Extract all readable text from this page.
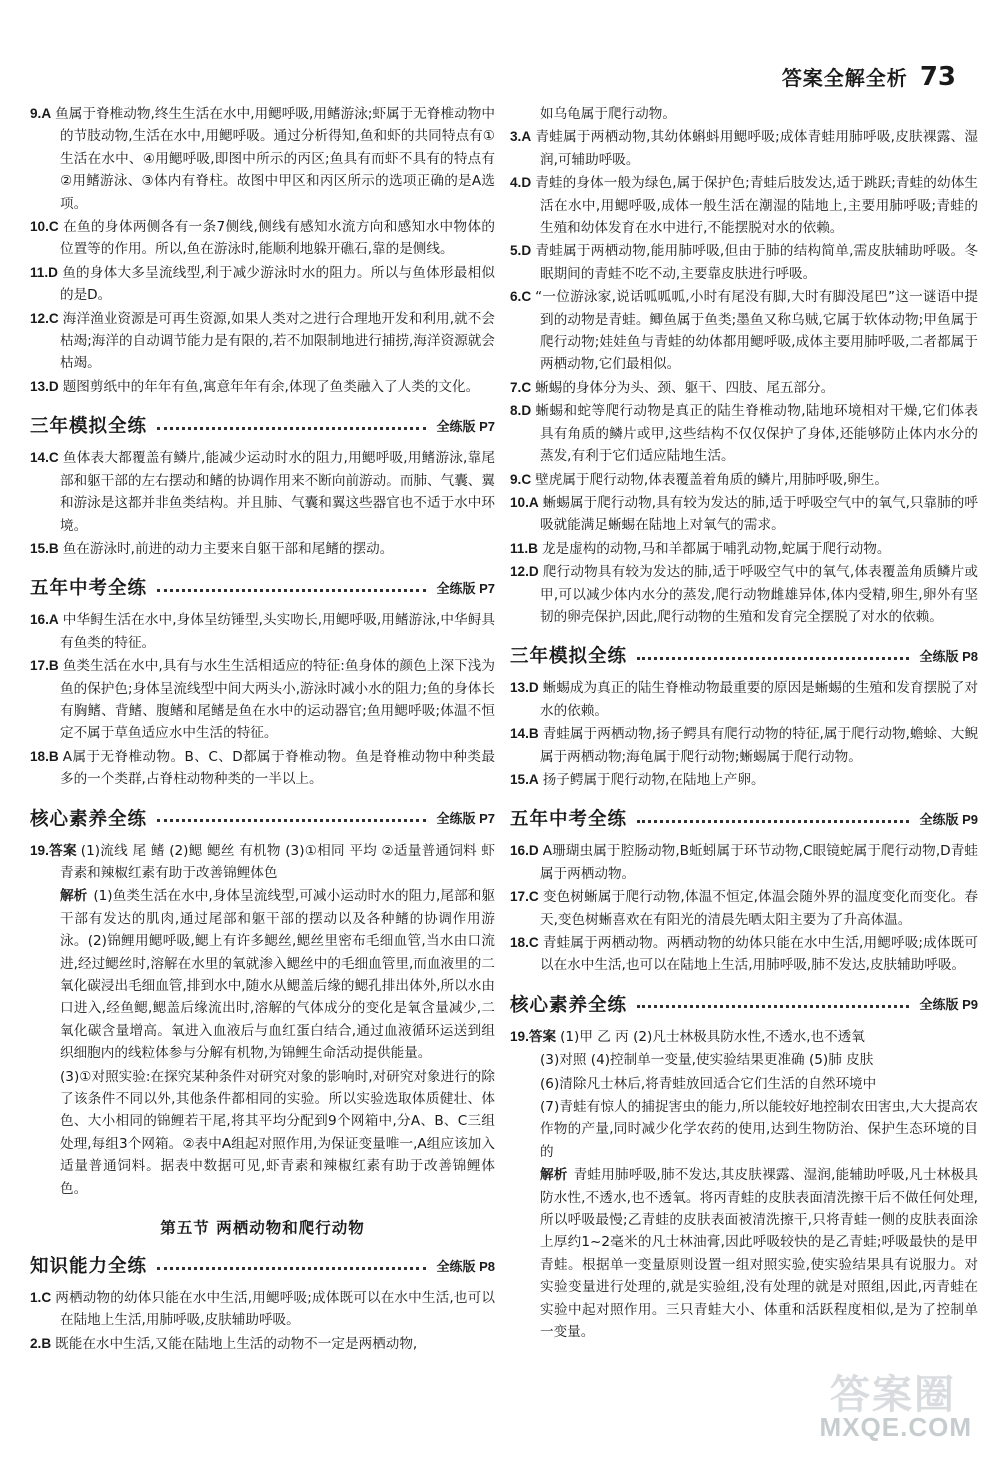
答案全解全析 73

9.A 鱼属于脊椎动物,终生生活在水中,用鳃呼吸,用鳍游泳;虾属于无脊椎动物中的节肢动物,生活在水中,用鳃呼吸。通过分析得知,鱼和虾的共同特点有①生活在水中、④用鳃呼吸,即图中所示的丙区;鱼具有而虾不具有的特点有②用鳍游泳、③体内有脊柱。故图中甲区和丙区所示的选项正确的是A选项。

10.C 在鱼的身体两侧各有一条7侧线,侧线有感知水流方向和感知水中物体的位置等的作用。所以,鱼在游泳时,能顺利地躲开礁石,靠的是侧线。

11.D 鱼的身体大多呈流线型,利于减少游泳时水的阻力。所以与鱼体形最相似的是D。

12.C 海洋渔业资源是可再生资源,如果人类对之进行合理地开发和利用,就不会枯竭;海洋的自动调节能力是有限的,若不加限制地进行捕捞,海洋资源就会枯竭。

13.D 题图剪纸中的年年有鱼,寓意年年有余,体现了鱼类融入了人类的文化。

三年模拟全练	全练版 P7

14.C 鱼体表大都覆盖有鳞片,能减少运动时水的阻力,用鳃呼吸,用鳍游泳,靠尾部和躯干部的左右摆动和鳍的协调作用来不断向前游动。而肺、气囊、翼和游泳是这都并非鱼类结构。并且肺、气囊和翼这些器官也不适于水中环境。

15.B 鱼在游泳时,前进的动力主要来自躯干部和尾鳍的摆动。

五年中考全练	全练版 P7

16.A 中华鲟生活在水中,身体呈纺锤型,头实吻长,用鳃呼吸,用鳍游泳,中华鲟具有鱼类的特征。

17.B 鱼类生活在水中,具有与水生生活相适应的特征:鱼身体的颜色上深下浅为鱼的保护色;身体呈流线型中间大两头小,游泳时减小水的阻力;鱼的身体长有胸鳍、背鳍、腹鳍和尾鳍是鱼在水中的运动器官;鱼用鳃呼吸;体温不恒定不属于草鱼适应水中生活的特征。

18.B A属于无脊椎动物。B、C、D都属于脊椎动物。鱼是脊椎动物中种类最多的一个类群,占脊柱动物种类的一半以上。

核心素养全练	全练版 P7

19.答案 (1)流线 尾 鳍 (2)鳃 鳃丝 有机物 (3)①相同 平均 ②适量普通饲料 虾青素和辣椒红素有助于改善锦鲤体色

解析 (1)鱼类生活在水中,身体呈流线型,可减小运动时水的阻力,尾部和躯干部有发达的肌肉,通过尾部和躯干部的摆动以及各种鳍的协调作用游泳。(2)锦鲤用鳃呼吸,鳃上有许多鳃丝,鳃丝里密布毛细血管,当水由口流进,经过鳃丝时,溶解在水里的氧就渗入鳃丝中的毛细血管里,而血液里的二氧化碳浸出毛细血管,排到水中,随水从鳃盖后缘的鳃孔排出体外,所以水由口进入,经鱼鳃,鳃盖后缘流出时,溶解的气体成分的变化是氧含量减少,二氧化碳含量增高。氧进入血液后与血红蛋白结合,通过血液循环运送到组织细胞内的线粒体参与分解有机物,为锦鲤生命活动提供能量。

(3)①对照实验:在探究某种条件对研究对象的影响时,对研究对象进行的除了该条件不同以外,其他条件都相同的实验。所以实验选取体质健壮、体色、大小相同的锦鲤若干尾,将其平均分配到9个网箱中,分A、B、C三组处理,每组3个网箱。②表中A组起对照作用,为保证变量唯一,A组应该加入适量普通饲料。据表中数据可见,虾青素和辣椒红素有助于改善锦鲤体色。

第五节 两栖动物和爬行动物
知识能力全练	全练版 P8

1.C 两栖动物的幼体只能在水中生活,用鳃呼吸;成体既可以在水中生活,也可以在陆地上生活,用肺呼吸,皮肤辅助呼吸。

2.B 既能在水中生活,又能在陆地上生活的动物不一定是两栖动物,

如乌龟属于爬行动物。

3.A 青蛙属于两栖动物,其幼体蝌蚪用鳃呼吸;成体青蛙用肺呼吸,皮肤裸露、湿润,可辅助呼吸。

4.D 青蛙的身体一般为绿色,属于保护色;青蛙后肢发达,适于跳跃;青蛙的幼体生活在水中,用鳃呼吸,成体一般生活在潮湿的陆地上,主要用肺呼吸;青蛙的生殖和幼体发育在水中进行,不能摆脱对水的依赖。

5.D 青蛙属于两栖动物,能用肺呼吸,但由于肺的结构简单,需皮肤辅助呼吸。冬眠期间的青蛙不吃不动,主要靠皮肤进行呼吸。

6.C “一位游泳家,说话呱呱呱,小时有尾没有脚,大时有脚没尾巴”这一谜语中提到的动物是青蛙。鲫鱼属于鱼类;墨鱼又称乌贼,它属于软体动物;甲鱼属于爬行动物;娃娃鱼与青蛙的幼体都用鳃呼吸,成体主要用肺呼吸,二者都属于两栖动物,它们最相似。

7.C 蜥蜴的身体分为头、颈、躯干、四肢、尾五部分。

8.D 蜥蜴和蛇等爬行动物是真正的陆生脊椎动物,陆地环境相对干燥,它们体表具有角质的鳞片或甲,这些结构不仅仅保护了身体,还能够防止体内水分的蒸发,有利于它们适应陆地生活。

9.C 壁虎属于爬行动物,体表覆盖着角质的鳞片,用肺呼吸,卵生。

10.A 蜥蜴属于爬行动物,具有较为发达的肺,适于呼吸空气中的氧气,只靠肺的呼吸就能满足蜥蜴在陆地上对氧气的需求。

11.B 龙是虚构的动物,马和羊都属于哺乳动物,蛇属于爬行动物。

12.D 爬行动物具有较为发达的肺,适于呼吸空气中的氧气,体表覆盖角质鳞片或甲,可以减少体内水分的蒸发,爬行动物雌雄异体,体内受精,卵生,卵外有坚韧的卵壳保护,因此,爬行动物的生殖和发育完全摆脱了对水的依赖。

三年模拟全练	全练版 P8

13.D 蜥蜴成为真正的陆生脊椎动物最重要的原因是蜥蜴的生殖和发育摆脱了对水的依赖。

14.B 青蛙属于两栖动物,扬子鳄具有爬行动物的特征,属于爬行动物,蟾蜍、大鲵属于两栖动物;海龟属于爬行动物;蜥蜴属于爬行动物。

15.A 扬子鳄属于爬行动物,在陆地上产卵。

五年中考全练	全练版 P9

16.D A珊瑚虫属于腔肠动物,B蚯蚓属于环节动物,C眼镜蛇属于爬行动物,D青蛙属于两栖动物。

17.C 变色树蜥属于爬行动物,体温不恒定,体温会随外界的温度变化而变化。春天,变色树蜥喜欢在有阳光的清晨先晒太阳主要为了升高体温。

18.C 青蛙属于两栖动物。两栖动物的幼体只能在水中生活,用鳃呼吸;成体既可以在水中生活,也可以在陆地上生活,用肺呼吸,肺不发达,皮肤辅助呼吸。

核心素养全练	全练版 P9

19.答案 (1)甲 乙 丙 (2)凡士林极具防水性,不透水,也不透氧

(3)对照 (4)控制单一变量,使实验结果更准确 (5)肺 皮肤

(6)清除凡士林后,将青蛙放回适合它们生活的自然环境中

(7)青蛙有惊人的捕捉害虫的能力,所以能较好地控制农田害虫,大大提高农作物的产量,同时减少化学农药的使用,达到生物防治、保护生态环境的目的

解析 青蛙用肺呼吸,肺不发达,其皮肤裸露、湿润,能辅助呼吸,凡士林极具防水性,不透水,也不透氧。将丙青蛙的皮肤表面清洗擦干后不做任何处理,所以呼吸最慢;乙青蛙的皮肤表面被清洗擦干,只将青蛙一侧的皮肤表面涂上厚约1~2毫米的凡士林油膏,因此呼吸较快的是乙青蛙;呼吸最快的是甲青蛙。根据单一变量原则设置一组对照实验,使实验结果具有说服力。对实验变量进行处理的,就是实验组,没有处理的就是对照组,因此,丙青蛙在实验中起对照作用。三只青蛙大小、体重和活跃程度相似,是为了控制单一变量。

答案圈
MXQE.COM
